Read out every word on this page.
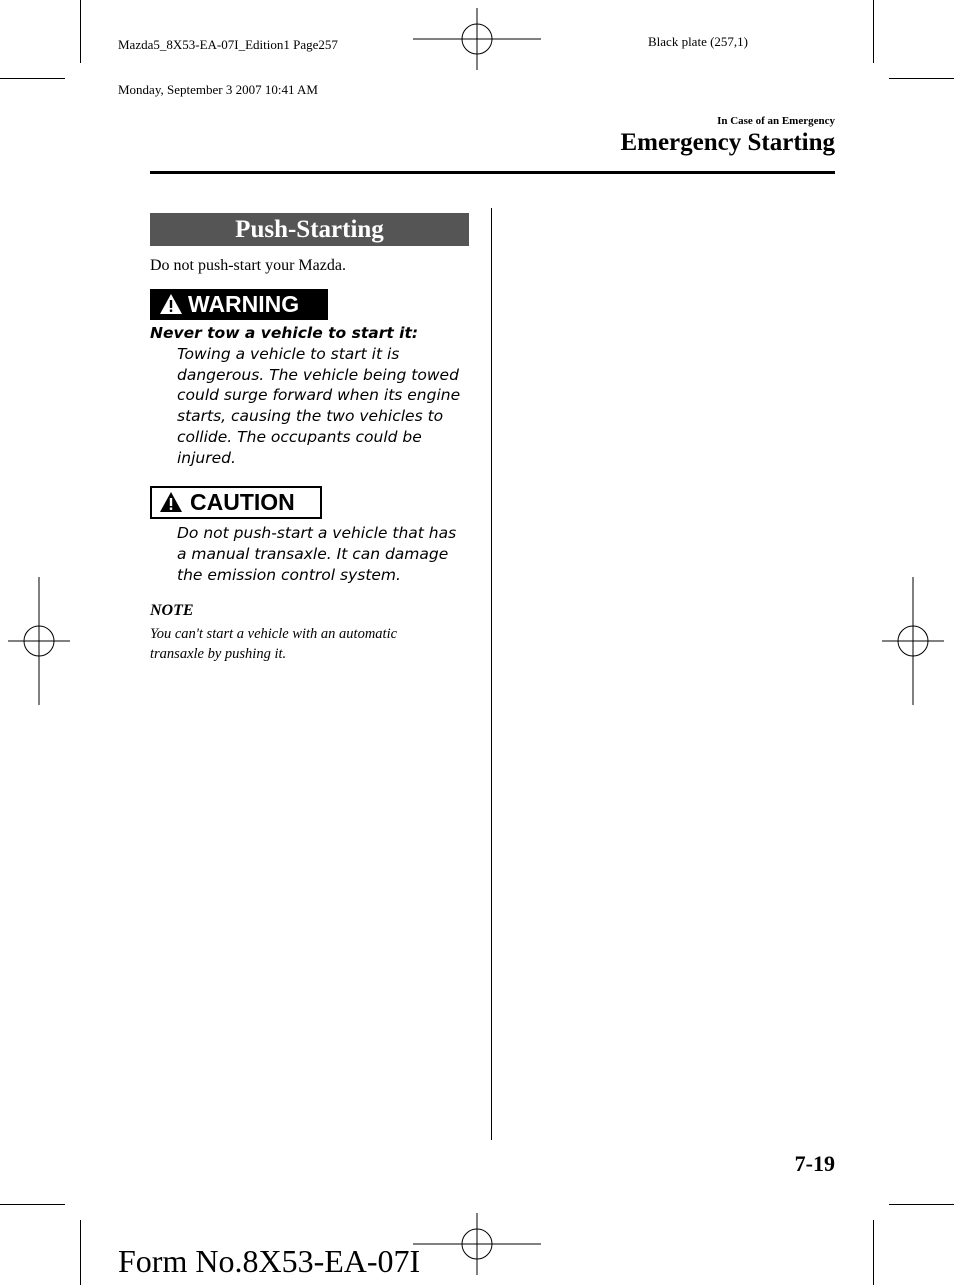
Mazda5_8X53-EA-07I_Edition1 Page257

Monday, September 3 2007 10:41 AM

Black plate (257,1)
In Case of an Emergency
Emergency Starting
Push-Starting
Do not push-start your Mazda.
WARNING
Never tow a vehicle to start it:
Towing a vehicle to start it is
dangerous. The vehicle being towed
could surge forward when its engine
starts, causing the two vehicles to
collide. The occupants could be
injured.
CAUTION
Do not push-start a vehicle that has
a manual transaxle. It can damage
the emission control system.
NOTE
You can't start a vehicle with an automatic
transaxle by pushing it.
7-19
Form No.8X53-EA-07I
